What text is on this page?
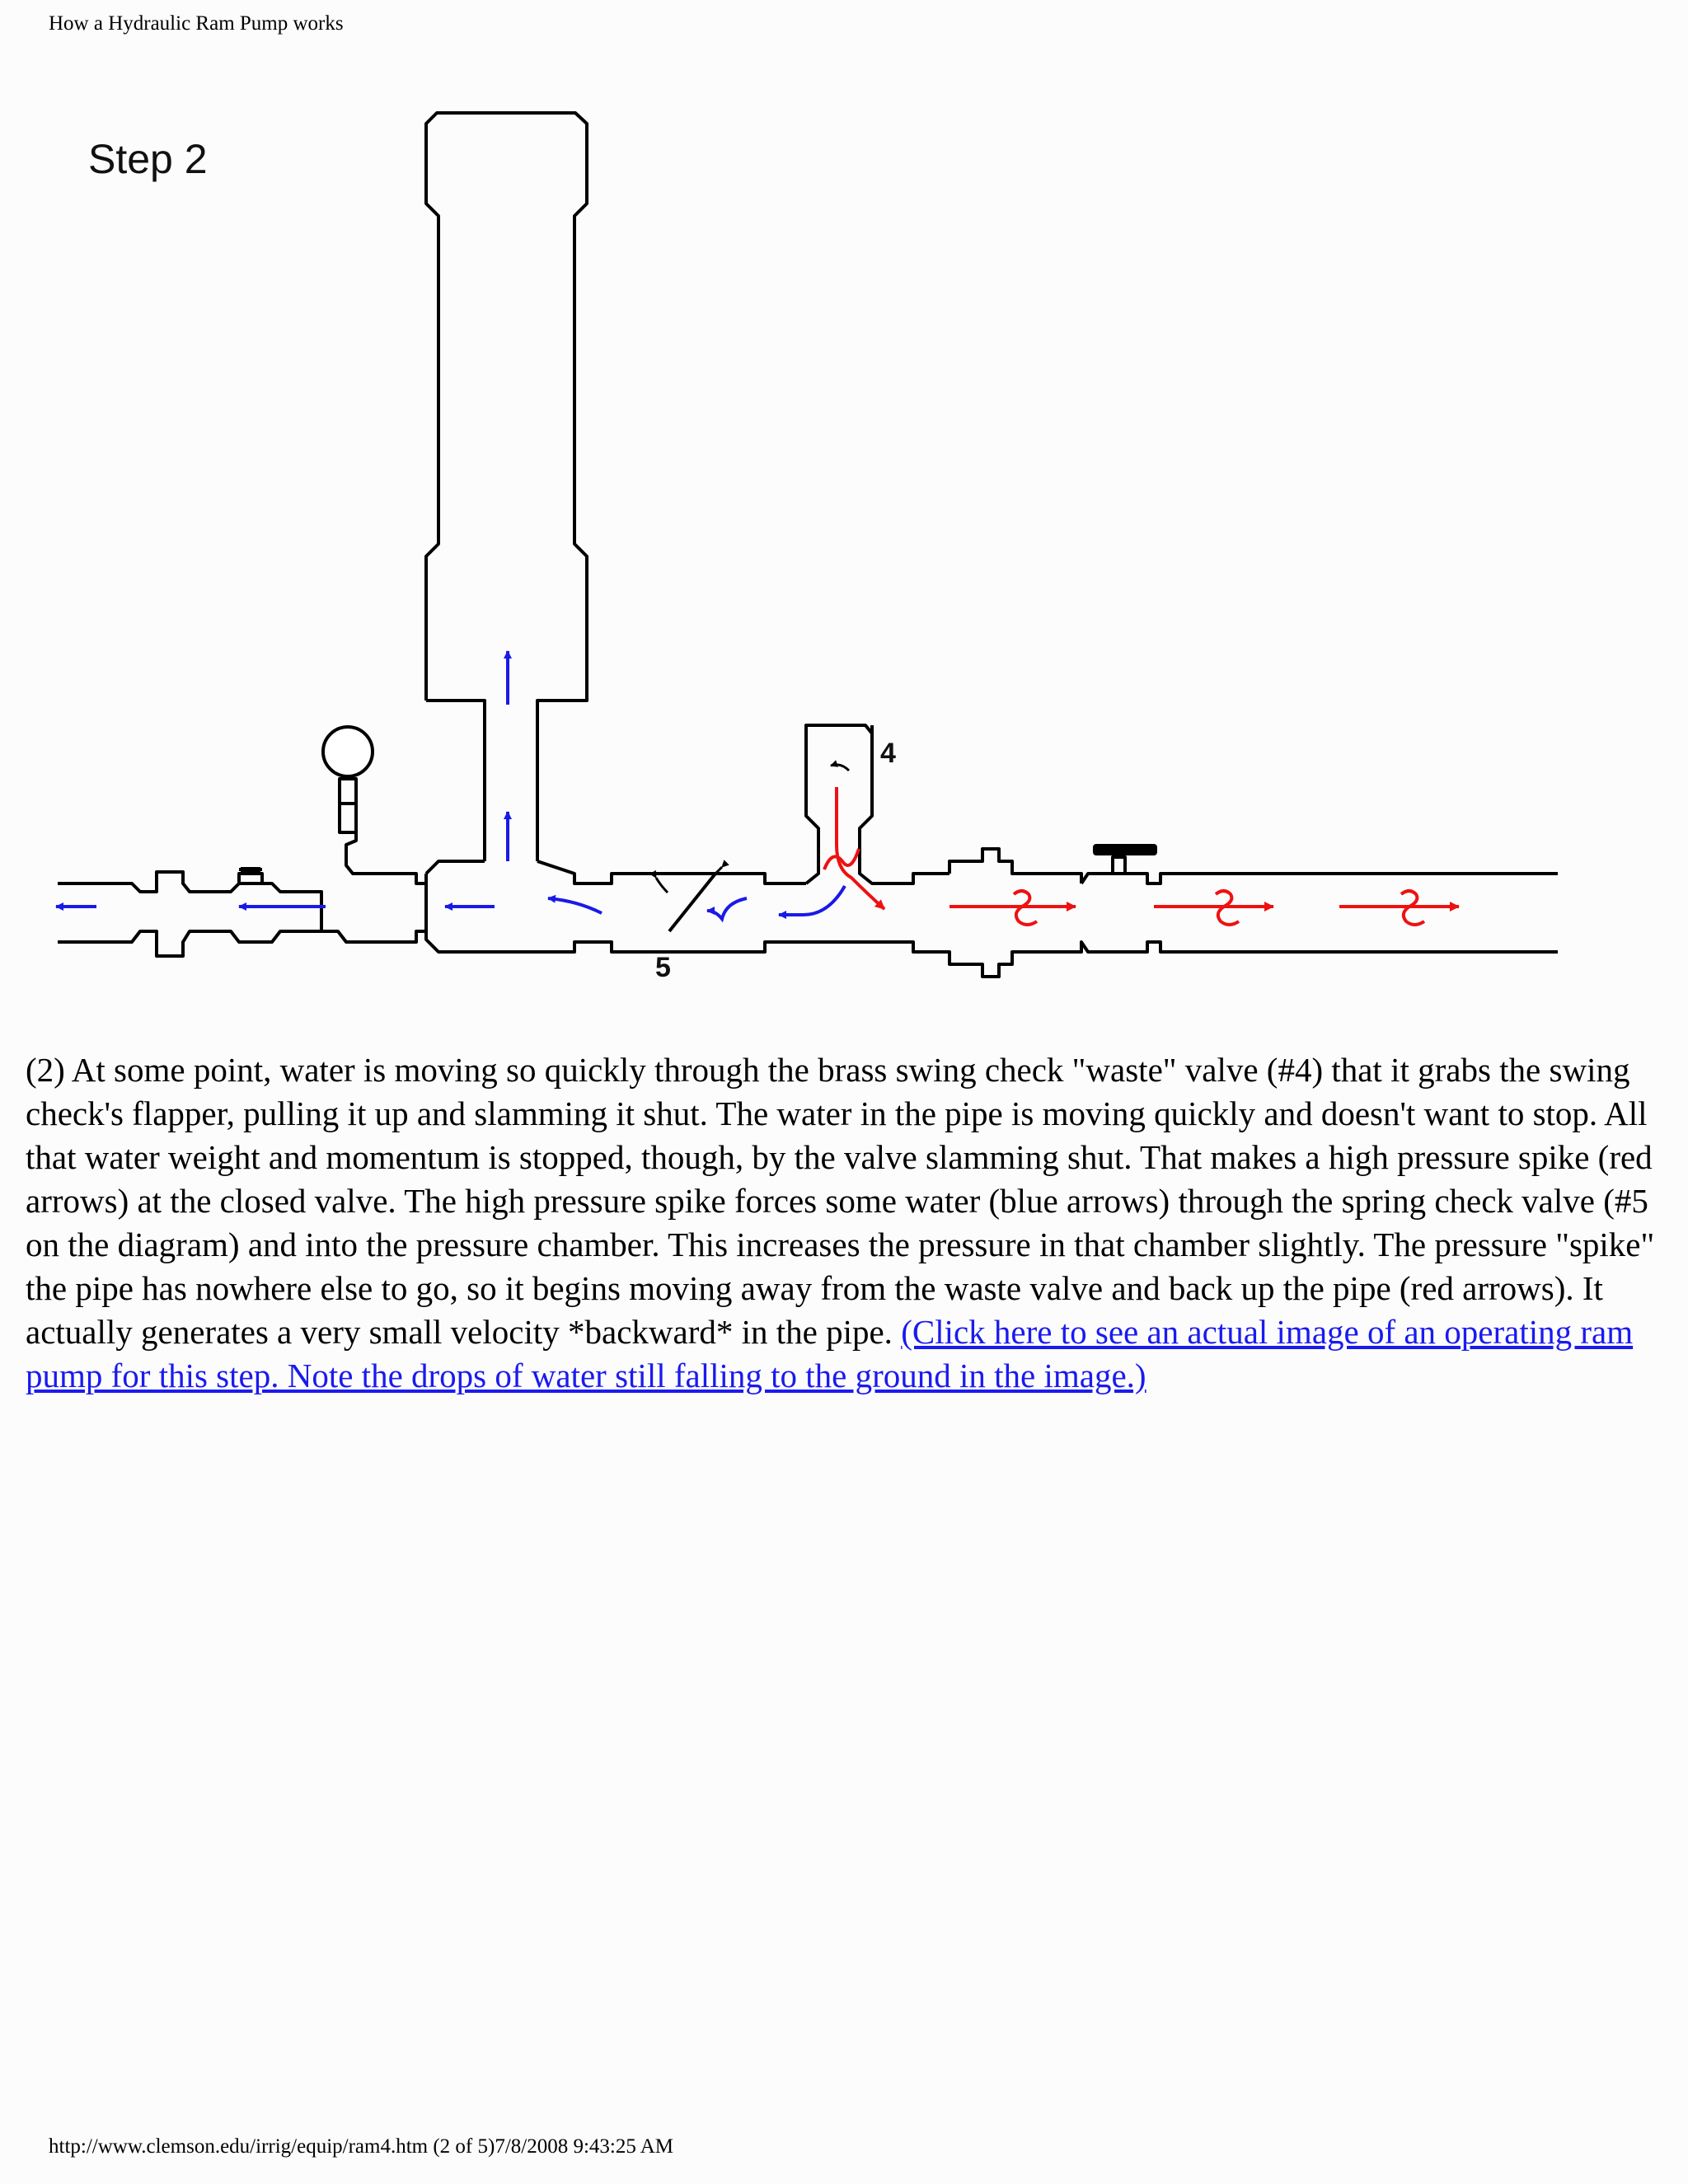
How a Hydraulic Ram Pump works
Step 2
4
5

(2) At some point, water is moving so quickly through the brass swing check "waste" valve (#4) that it grabs the swing check's flapper, pulling it up and slamming it shut. The water in the pipe is moving quickly and doesn't want to stop. All that water weight and momentum is stopped, though, by the valve slamming shut. That makes a high pressure spike (red arrows) at the closed valve. The high pressure spike forces some water (blue arrows) through the spring check valve (#5 on the diagram) and into the pressure chamber. This increases the pressure in that chamber slightly. The pressure "spike" the pipe has nowhere else to go, so it begins moving away from the waste valve and back up the pipe (red arrows). It actually generates a very small velocity *backward* in the pipe. (Click here to see an actual image of an operating ram pump for this step. Note the drops of water still falling to the ground in the image.)

http://www.clemson.edu/irrig/equip/ram4.htm (2 of 5)7/8/2008 9:43:25 AM
